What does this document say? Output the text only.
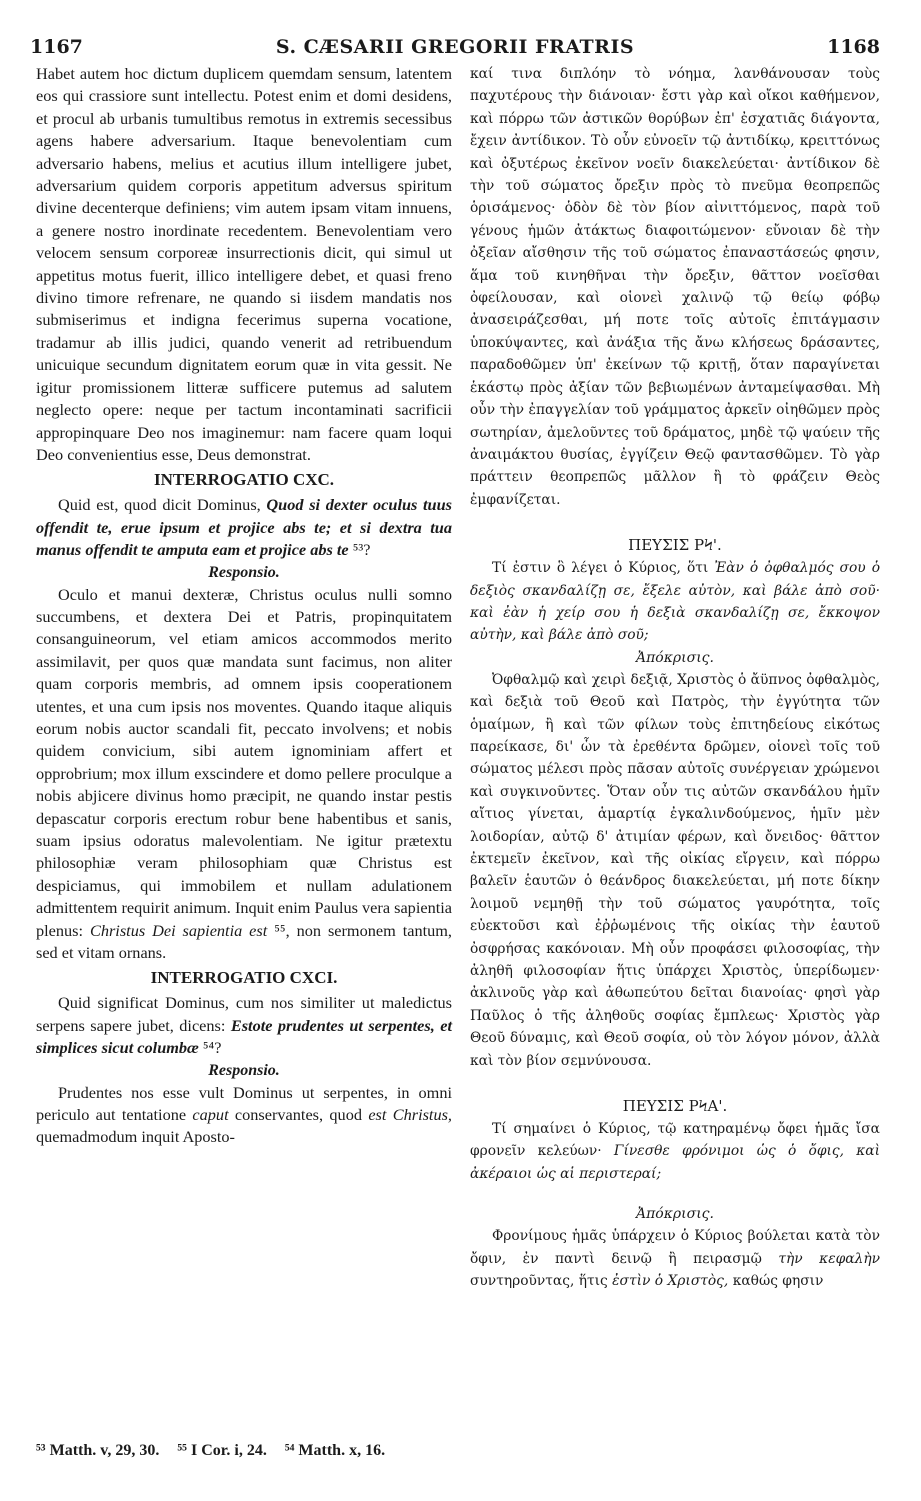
1167	S. CÆSARII GREGORII FRATRIS	1168

Habet autem hoc dictum duplicem quemdam sensum, latentem eos qui crassiore sunt intellectu. Potest enim et domi desidens, et procul ab urbanis tumultibus remotus in extremis secessibus agens habere adversarium. Itaque benevolentiam cum adversario habens, melius et acutius illum intelligere jubet, adversarium quidem corporis appetitum adversus spiritum divine decenterque definiens; vim autem ipsam vitam innuens, a genere nostro inordinate recedentem. Benevolentiam vero velocem sensum corporeæ insurrectionis dicit, qui simul ut appetitus motus fuerit, illico intelligere debet, et quasi freno divino timore refrenare, ne quando si iisdem mandatis nos submiserimus et indigna fecerimus superna vocatione, tradamur ab illis judici, quando venerit ad retribuendum unicuique secundum dignitatem eorum quæ in vita gessit. Ne igitur promissionem litteræ sufficere putemus ad salutem neglecto opere: neque per tactum incontaminati sacrificii appropinquare Deo nos imaginemur: nam facere quam loqui Deo convenientius esse, Deus demonstrat.

INTERROGATIO CXC.

Quid est, quod dicit Dominus, Quod si dexter oculus tuus offendit te, erue ipsum et projice abs te; et si dextra tua manus offendit te amputa eam et projice abs te ⁵³?

Responsio.

Oculo et manui dexteræ, Christus oculus nulli somno succumbens, et dextera Dei et Patris, propinquitatem consanguineorum, vel etiam amicos accommodos merito assimilavit, per quos quæ mandata sunt facimus, non aliter quam corporis membris, ad omnem ipsis cooperationem utentes, et una cum ipsis nos moventes. Quando itaque aliquis eorum nobis auctor scandali fit, peccato involvens; et nobis quidem convicium, sibi autem ignominiam affert et opprobrium; mox illum exscindere et domo pellere proculque a nobis abjicere divinus homo præcipit, ne quando instar pestis depascatur corporis erectum robur bene habentibus et sanis, suam ipsius odoratus malevolentiam. Ne igitur prætextu philosophiæ veram philosophiam quæ Christus est despiciamus, qui immobilem et nullam adulationem admittentem requirit animum. Inquit enim Paulus vera sapientia plenus: Christus Dei sapientia est ⁵⁵, non sermonem tantum, sed et vitam ornans.

INTERROGATIO CXCI.

Quid significat Dominus, cum nos similiter ut maledictus serpens sapere jubet, dicens: Estote prudentes ut serpentes, et simplices sicut columbæ ⁵⁴?

Responsio.

Prudentes nos esse vult Dominus ut serpentes, in omni periculo aut tentatione caput conservantes, quod est Christus, quemadmodum inquit Aposto-

καί τινα διπλόην τὸ νόημα, λανθάνουσαν τοὺς παχυτέρους τὴν διάνοιαν· ἔστι γὰρ καὶ οἴκοι καθήμενον, καὶ πόρρω τῶν ἀστικῶν θορύβων ἐπ' ἐσχατιᾶς διάγοντα, ἔχειν ἀντίδικον. Τὸ οὖν εὐνοεῖν τῷ ἀντιδίκῳ, κρειττόνως καὶ ὀξυτέρως ἐκεῖνον νοεῖν διακελεύεται· ἀντίδικον δὲ τὴν τοῦ σώματος ὄρεξιν πρὸς τὸ πνεῦμα θεοπρεπῶς ὁρισάμενος· ὁδὸν δὲ τὸν βίον αἰνιττόμενος, παρὰ τοῦ γένους ἡμῶν ἀτάκτως διαφοιτώμενον· εὔνοιαν δὲ τὴν ὀξεῖαν αἴσθησιν τῆς τοῦ σώματος ἐπαναστάσεώς φησιν, ἅμα τοῦ κινηθῆναι τὴν ὄρεξιν, θᾶττον νοεῖσθαι ὀφείλουσαν, καὶ οἱονεὶ χαλινῷ τῷ θείῳ φόβῳ ἀνασειράζεσθαι, μή ποτε τοῖς αὐτοῖς ἐπιτάγμασιν ὑποκύψαντες, καὶ ἀνάξια τῆς ἄνω κλήσεως δράσαντες, παραδοθῶμεν ὑπ' ἐκείνων τῷ κριτῇ, ὅταν παραγίνεται ἑκάστῳ πρὸς ἀξίαν τῶν βεβιωμένων ἀνταμείψασθαι. Μὴ οὖν τὴν ἐπαγγελίαν τοῦ γράμματος ἀρκεῖν οἰηθῶμεν πρὸς σωτηρίαν, ἀμελοῦντες τοῦ δράματος, μηδὲ τῷ ψαύειν τῆς ἀναιμάκτου θυσίας, ἐγγίζειν Θεῷ φαντασθῶμεν. Τὸ γὰρ πράττειν θεοπρεπῶς μᾶλλον ἢ τὸ φράζειν Θεὸς ἐμφανίζεται.

ΠΕΥΣΙΣ ΡϞ'.

Τί ἐστιν ὃ λέγει ὁ Κύριος, ὅτι Ἐὰν ὁ ὀφθαλμός σου ὁ δεξιὸς σκανδαλίζῃ σε, ἔξελε αὐτὸν, καὶ βάλε ἀπὸ σοῦ· καὶ ἐὰν ἡ χείρ σου ἡ δεξιὰ σκανδαλίζῃ σε, ἔκκοψον αὐτὴν, καὶ βάλε ἀπὸ σοῦ;

Ἀπόκρισις.

Ὀφθαλμῷ καὶ χειρὶ δεξιᾷ, Χριστὸς ὁ ἄϋπνος ὀφθαλμὸς, καὶ δεξιὰ τοῦ Θεοῦ καὶ Πατρὸς, τὴν ἐγγύτητα τῶν ὁμαίμων, ἢ καὶ τῶν φίλων τοὺς ἐπιτηδείους εἰκότως παρείκασε, δι' ὧν τὰ ἐρεθέντα δρῶμεν, οἱονεὶ τοῖς τοῦ σώματος μέλεσι πρὸς πᾶσαν αὐτοῖς συνέργειαν χρώμενοι καὶ συγκινοῦντες. Ὅταν οὖν τις αὐτῶν σκανδάλου ἡμῖν αἴτιος γίνεται, ἁμαρτίᾳ ἐγκαλινδούμενος, ἡμῖν μὲν λοιδορίαν, αὐτῷ δ' ἀτιμίαν φέρων, καὶ ὄνειδος· θᾶττον ἐκτεμεῖν ἐκεῖνον, καὶ τῆς οἰκίας εἴργειν, καὶ πόρρω βαλεῖν ἑαυτῶν ὁ θεάνδρος διακελεύεται, μή ποτε δίκην λοιμοῦ νεμηθῇ τὴν τοῦ σώματος γαυρότητα, τοῖς εὐεκτοῦσι καὶ ἐῤῥωμένοις τῆς οἰκίας τὴν ἑαυτοῦ ὀσφρήσας κακόνοιαν. Μὴ οὖν προφάσει φιλοσοφίας, τὴν ἀληθῆ φιλοσοφίαν ἥτις ὑπάρχει Χριστὸς, ὑπερίδωμεν· ἀκλινοῦς γὰρ καὶ ἀθωπεύτου δεῖται διανοίας· φησὶ γὰρ Παῦλος ὁ τῆς ἀληθοῦς σοφίας ἔμπλεως· Χριστὸς γὰρ Θεοῦ δύναμις, καὶ Θεοῦ σοφία, οὐ τὸν λόγον μόνον, ἀλλὰ καὶ τὸν βίον σεμνύνουσα.

ΠΕΥΣΙΣ ΡϞΑ'.

Τί σημαίνει ὁ Κύριος, τῷ κατηραμένῳ ὄφει ἡμᾶς ἴσα φρονεῖν κελεύων· Γίνεσθε φρόνιμοι ὡς ὁ ὄφις, καὶ ἀκέραιοι ὡς αἱ περιστεραί;

Ἀπόκρισις.

Φρονίμους ἡμᾶς ὑπάρχειν ὁ Κύριος βούλεται κατὰ τὸν ὄφιν, ἐν παντὶ δεινῷ ἢ πειρασμῷ τὴν κεφαλὴν συντηροῦντας, ἥτις ἐστὶν ὁ Χριστὸς, καθώς φησιν

⁵³ Matth. v, 29, 30. ⁵⁵ I Cor. i, 24. ⁵⁴ Matth. x, 16.
